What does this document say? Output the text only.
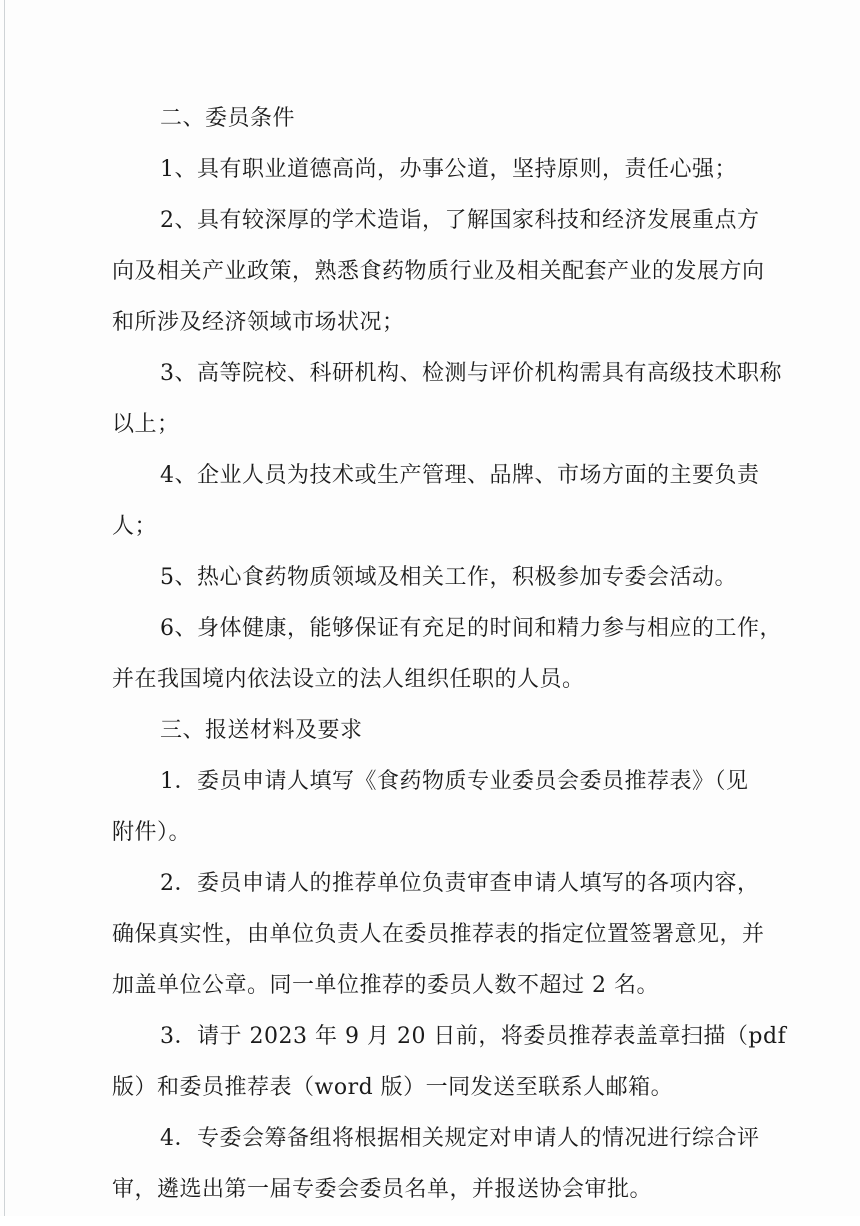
二、委员条件
1、具有职业道德高尚，办事公道，坚持原则，责任心强；
2、具有较深厚的学术造诣，了解国家科技和经济发展重点方
向及相关产业政策，熟悉食药物质行业及相关配套产业的发展方向
和所涉及经济领域市场状况；
3、高等院校、科研机构、检测与评价机构需具有高级技术职称
以上；
4、企业人员为技术或生产管理、品牌、市场方面的主要负责
人；
5、热心食药物质领域及相关工作，积极参加专委会活动。
6、身体健康，能够保证有充足的时间和精力参与相应的工作，
并在我国境内依法设立的法人组织任职的人员。
三、报送材料及要求
1．委员申请人填写《食药物质专业委员会委员推荐表》（见
附件）。
2．委员申请人的推荐单位负责审查申请人填写的各项内容，
确保真实性，由单位负责人在委员推荐表的指定位置签署意见，并
加盖单位公章。同一单位推荐的委员人数不超过 2 名。
3．请于 2023 年 9 月 20 日前，将委员推荐表盖章扫描（pdf
版）和委员推荐表（word 版）一同发送至联系人邮箱。
4．专委会筹备组将根据相关规定对申请人的情况进行综合评
审，遴选出第一届专委会委员名单，并报送协会审批。
